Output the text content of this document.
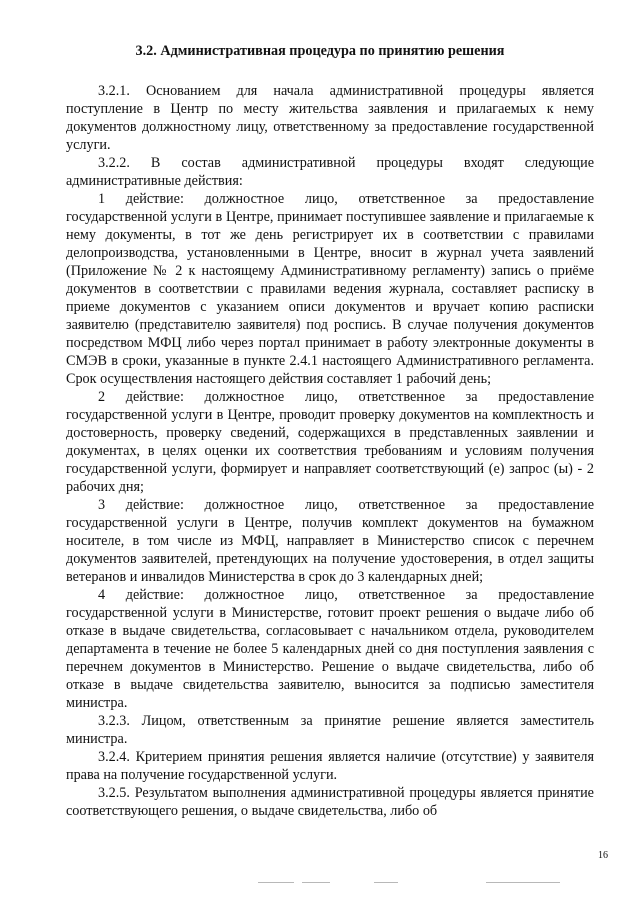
3.2. Административная процедура по принятию решения

3.2.1. Основанием для начала административной процедуры является поступление в Центр по месту жительства заявления и прилагаемых к нему документов должностному лицу, ответственному за предоставление государственной услуги.

3.2.2. В состав административной процедуры входят следующие административные действия:

1 действие: должностное лицо, ответственное за предоставление государственной услуги в Центре, принимает поступившее заявление и прилагаемые к нему документы, в тот же день регистрирует их в соответствии с правилами делопроизводства, установленными в Центре, вносит в журнал учета заявлений (Приложение № 2 к настоящему Административному регламенту) запись о приёме документов в соответствии с правилами ведения журнала, составляет расписку в приеме документов с указанием описи документов и вручает копию расписки заявителю (представителю заявителя) под роспись. В случае получения документов посредством МФЦ либо через портал принимает в работу электронные документы в СМЭВ в сроки, указанные в пункте 2.4.1 настоящего Административного регламента. Срок осуществления настоящего действия составляет 1 рабочий день;

2 действие: должностное лицо, ответственное за предоставление государственной услуги в Центре, проводит проверку документов на комплектность и достоверность, проверку сведений, содержащихся в представленных заявлении и документах, в целях оценки их соответствия требованиям и условиям получения государственной услуги, формирует и направляет соответствующий (е) запрос (ы) - 2 рабочих дня;

3 действие: должностное лицо, ответственное за предоставление государственной услуги в Центре, получив комплект документов на бумажном носителе, в том числе из МФЦ, направляет в Министерство список с перечнем документов заявителей, претендующих на получение удостоверения, в отдел защиты ветеранов и инвалидов Министерства в срок до 3 календарных дней;

4 действие: должностное лицо, ответственное за предоставление государственной услуги в Министерстве, готовит проект решения о выдаче либо об отказе в выдаче свидетельства, согласовывает с начальником отдела, руководителем департамента в течение не более 5 календарных дней со дня поступления заявления с перечнем документов в Министерство. Решение о выдаче свидетельства, либо об отказе в выдаче свидетельства заявителю, выносится за подписью заместителя министра.

3.2.3. Лицом, ответственным за принятие решение является заместитель министра.

3.2.4. Критерием принятия решения является наличие (отсутствие) у заявителя права на получение государственной услуги.

3.2.5. Результатом выполнения административной процедуры является принятие соответствующего решения, о выдаче свидетельства, либо об

16
